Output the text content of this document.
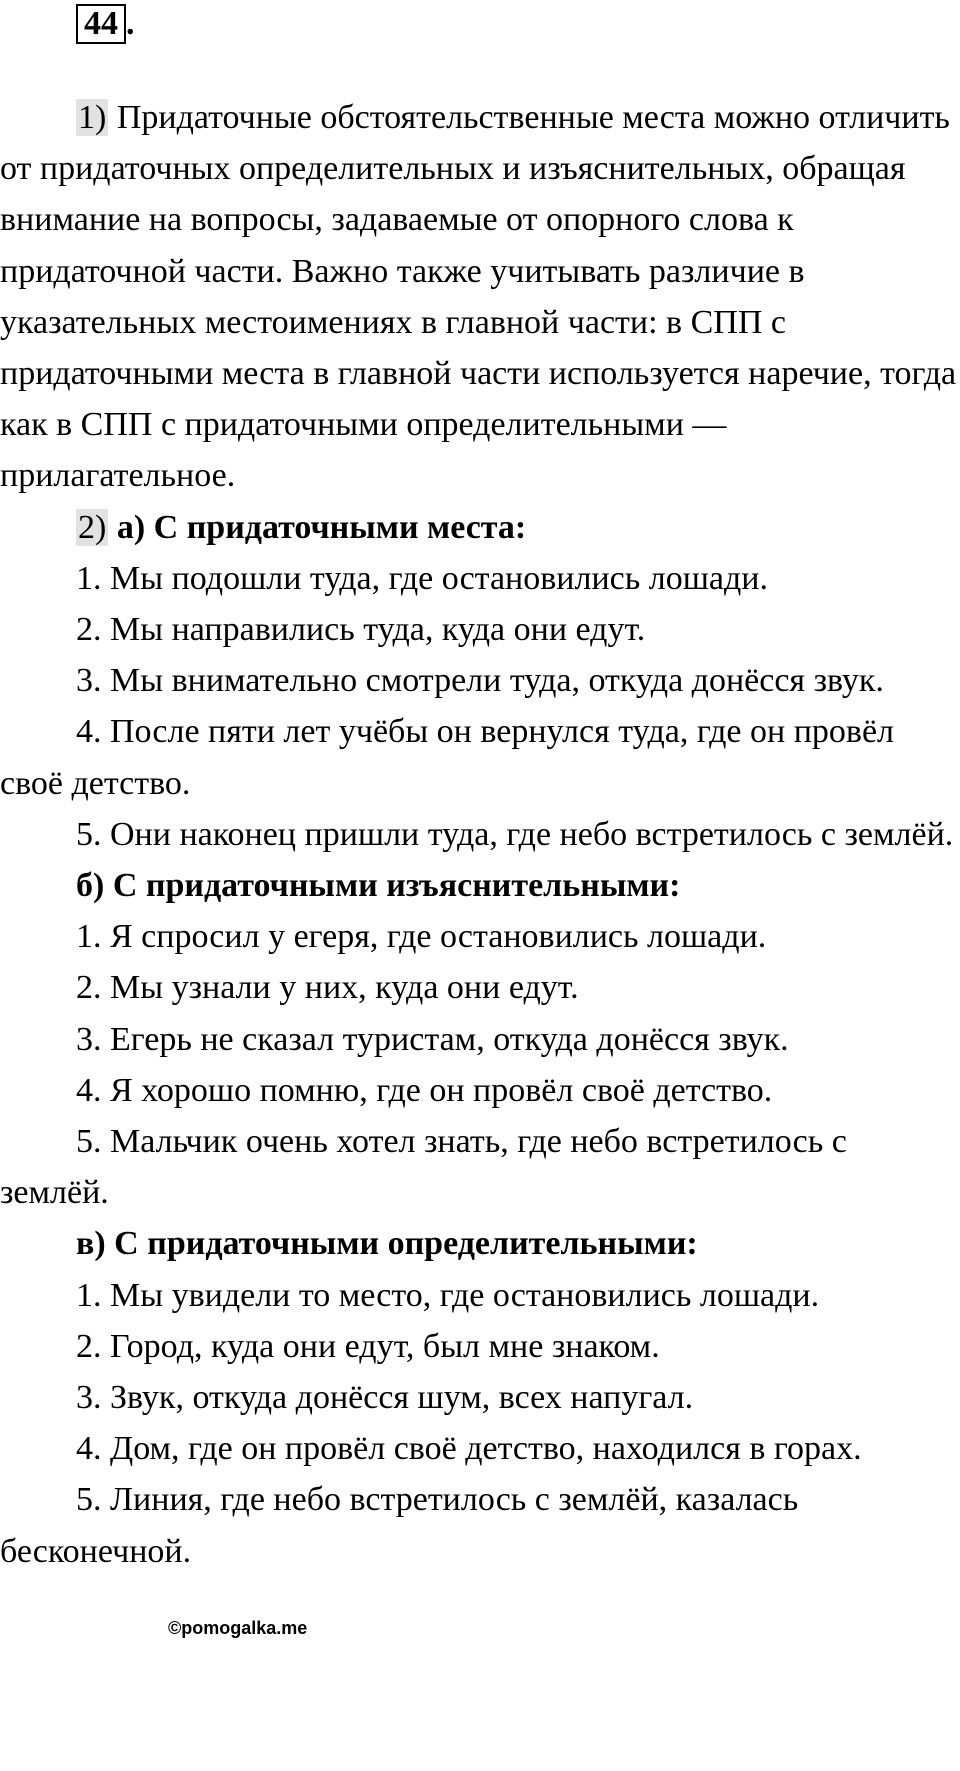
44 .

1) Придаточные обстоятельственные места можно отличить от придаточных определительных и изъяснительных, обращая внимание на вопросы, задаваемые от опорного слова к придаточной части. Важно также учитывать различие в указательных местоимениях в главной части: в СПП с придаточными места в главной части используется наречие, тогда как в СПП с придаточными определительными — прилагательное.

2) а) С придаточными места:

1. Мы подошли туда, где остановились лошади.

2. Мы направились туда, куда они едут.

3. Мы внимательно смотрели туда, откуда донёсся звук.

4. После пяти лет учёбы он вернулся туда, где он провёл своё детство.

5. Они наконец пришли туда, где небо встретилось с землёй.

б) С придаточными изъяснительными:

1. Я спросил у егеря, где остановились лошади.

2. Мы узнали у них, куда они едут.

3. Егерь не сказал туристам, откуда донёсся звук.

4. Я хорошо помню, где он провёл своё детство.

5. Мальчик очень хотел знать, где небо встретилось с землёй.

в) С придаточными определительными:

1. Мы увидели то место, где остановились лошади.

2. Город, куда они едут, был мне знаком.

3. Звук, откуда донёсся шум, всех напугал.

4. Дом, где он провёл своё детство, находился в горах.

5. Линия, где небо встретилось с землёй, казалась бесконечной.

©pomogalka.me
